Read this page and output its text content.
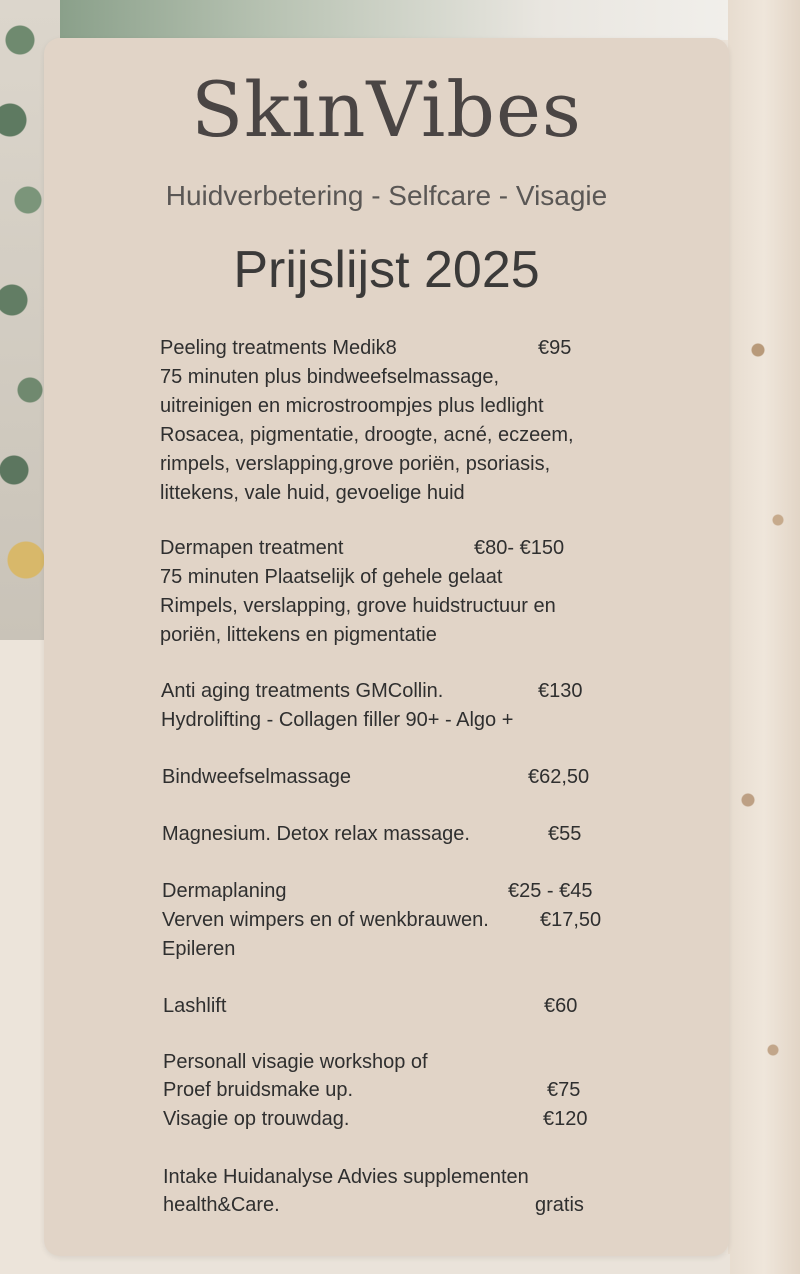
SkinVibes
Huidverbetering - Selfcare - Visagie
Prijslijst 2025
Peeling treatments Medik8	€95
75 minuten plus bindweefselmassage,
uitreinigen en microstroompjes plus ledlight
Rosacea, pigmentatie, droogte, acné, eczeem,
rimpels, verslapping,grove poriën, psoriasis,
littekens, vale huid, gevoelige huid
Dermapen treatment	€80- €150
75 minuten Plaatselijk of gehele gelaat
Rimpels, verslapping, grove huidstructuur en
poriën, littekens en pigmentatie
Anti aging treatments GMCollin.	€130
Hydrolifting - Collagen filler 90+ - Algo +
Bindweefselmassage	€62,50
Magnesium. Detox relax massage.	€55
Dermaplaning	€25 - €45
Verven wimpers en of wenkbrauwen.	€17,50
Epileren
Lashlift	€60
Personall visagie workshop of
Proef bruidsmake up.	€75
Visagie op trouwdag.	€120
Intake Huidanalyse Advies supplementen
health&Care.	gratis
